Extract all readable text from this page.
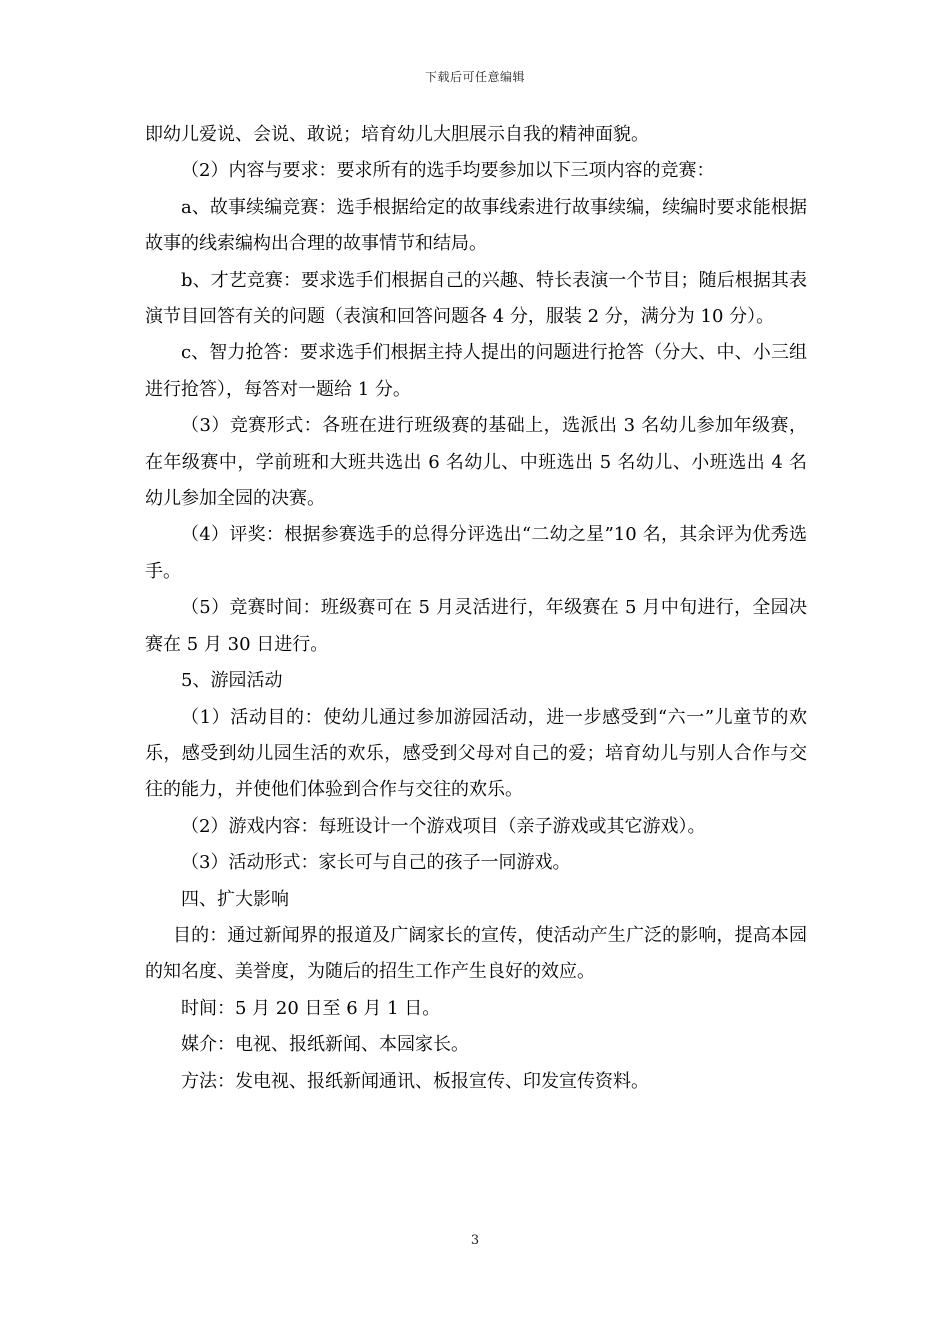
下载后可任意编辑

即幼儿爱说、会说、敢说；培育幼儿大胆展示自我的精神面貌。

（2）内容与要求：要求所有的选手均要参加以下三项内容的竞赛：

a、故事续编竞赛：选手根据给定的故事线索进行故事续编，续编时要求能根据故事的线索编构出合理的故事情节和结局。

b、才艺竞赛：要求选手们根据自己的兴趣、特长表演一个节目；随后根据其表演节目回答有关的问题（表演和回答问题各 4 分，服装 2 分，满分为 10 分）。

c、智力抢答：要求选手们根据主持人提出的问题进行抢答（分大、中、小三组进行抢答），每答对一题给 1 分。

（3）竞赛形式：各班在进行班级赛的基础上，选派出 3 名幼儿参加年级赛，在年级赛中，学前班和大班共选出 6 名幼儿、中班选出 5 名幼儿、小班选出 4 名幼儿参加全园的决赛。

（4）评奖：根据参赛选手的总得分评选出“二幼之星”10 名，其余评为优秀选手。

（5）竞赛时间：班级赛可在 5 月灵活进行，年级赛在 5 月中旬进行，全园决赛在 5 月 30 日进行。

5、游园活动

（1）活动目的：使幼儿通过参加游园活动，进一步感受到“六一”儿童节的欢乐，感受到幼儿园生活的欢乐，感受到父母对自己的爱；培育幼儿与别人合作与交往的能力，并使他们体验到合作与交往的欢乐。

（2）游戏内容：每班设计一个游戏项目（亲子游戏或其它游戏）。

（3）活动形式：家长可与自己的孩子一同游戏。

四、扩大影响

目的：通过新闻界的报道及广阔家长的宣传，使活动产生广泛的影响，提高本园的知名度、美誉度，为随后的招生工作产生良好的效应。

时间：5 月 20 日至 6 月 1 日。

媒介：电视、报纸新闻、本园家长。

方法：发电视、报纸新闻通讯、板报宣传、印发宣传资料。

3
